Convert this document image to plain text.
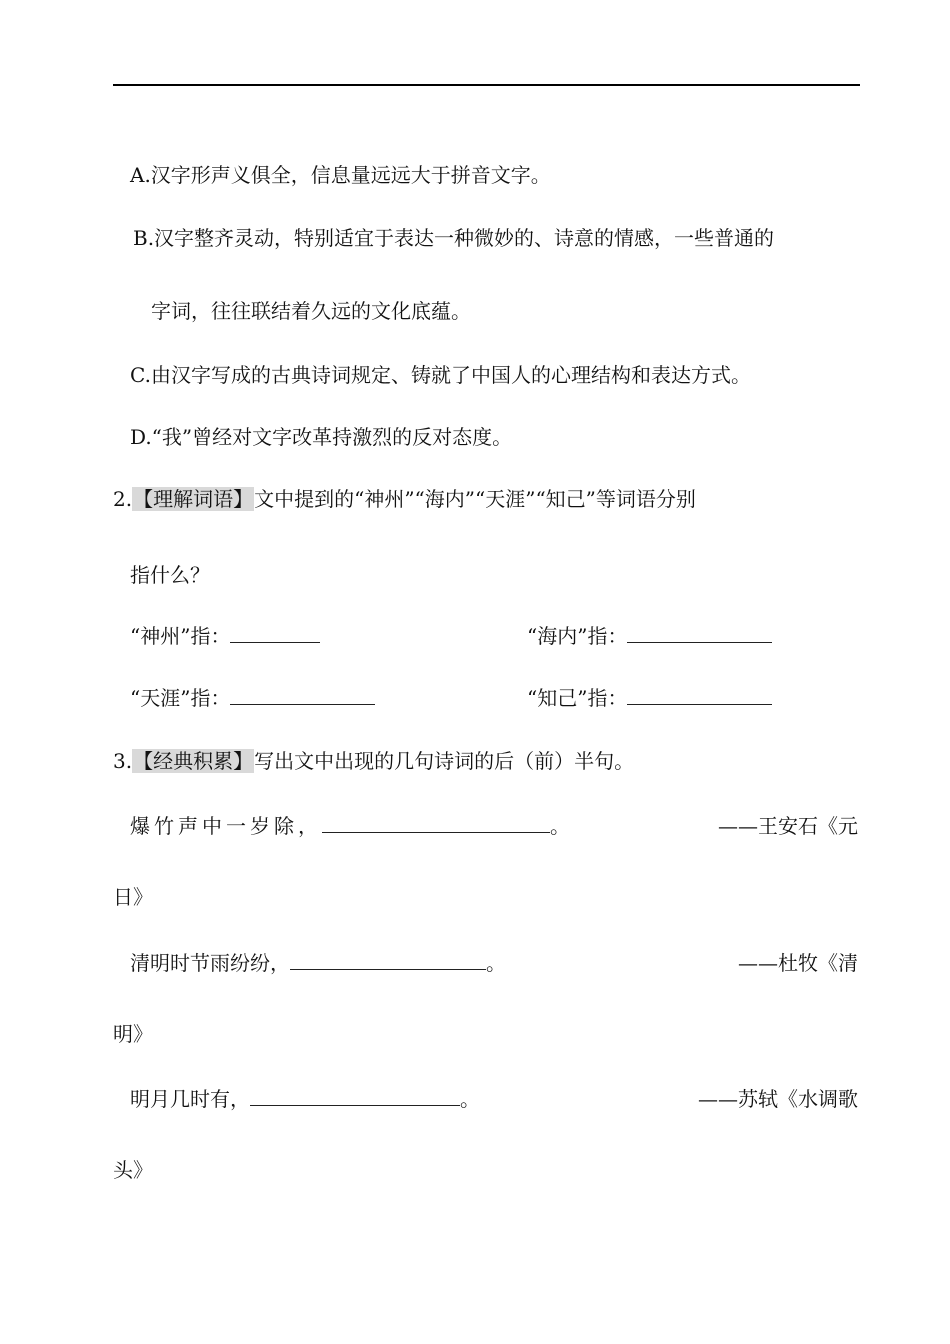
A.汉字形声义俱全，信息量远远大于拼音文字。
B.汉字整齐灵动，特别适宜于表达一种微妙的、诗意的情感，一些普通的
字词，往往联结着久远的文化底蕴。
C.由汉字写成的古典诗词规定、铸就了中国人的心理结构和表达方式。
D.“我”曾经对文字改革持激烈的反对态度。
2.【理解词语】文中提到的“神州”“海内”“天涯”“知己”等词语分别
指什么？
“神州”指：	“海内”指：
“天涯”指：	“知己”指：
3.【经典积累】写出文中出现的几句诗词的后（前）半句。
爆竹声中一岁除，	。	——王安石《元
日》
清明时节雨纷纷，	。	——杜牧《清
明》
明月几时有，	。	——苏轼《水调歌
头》
